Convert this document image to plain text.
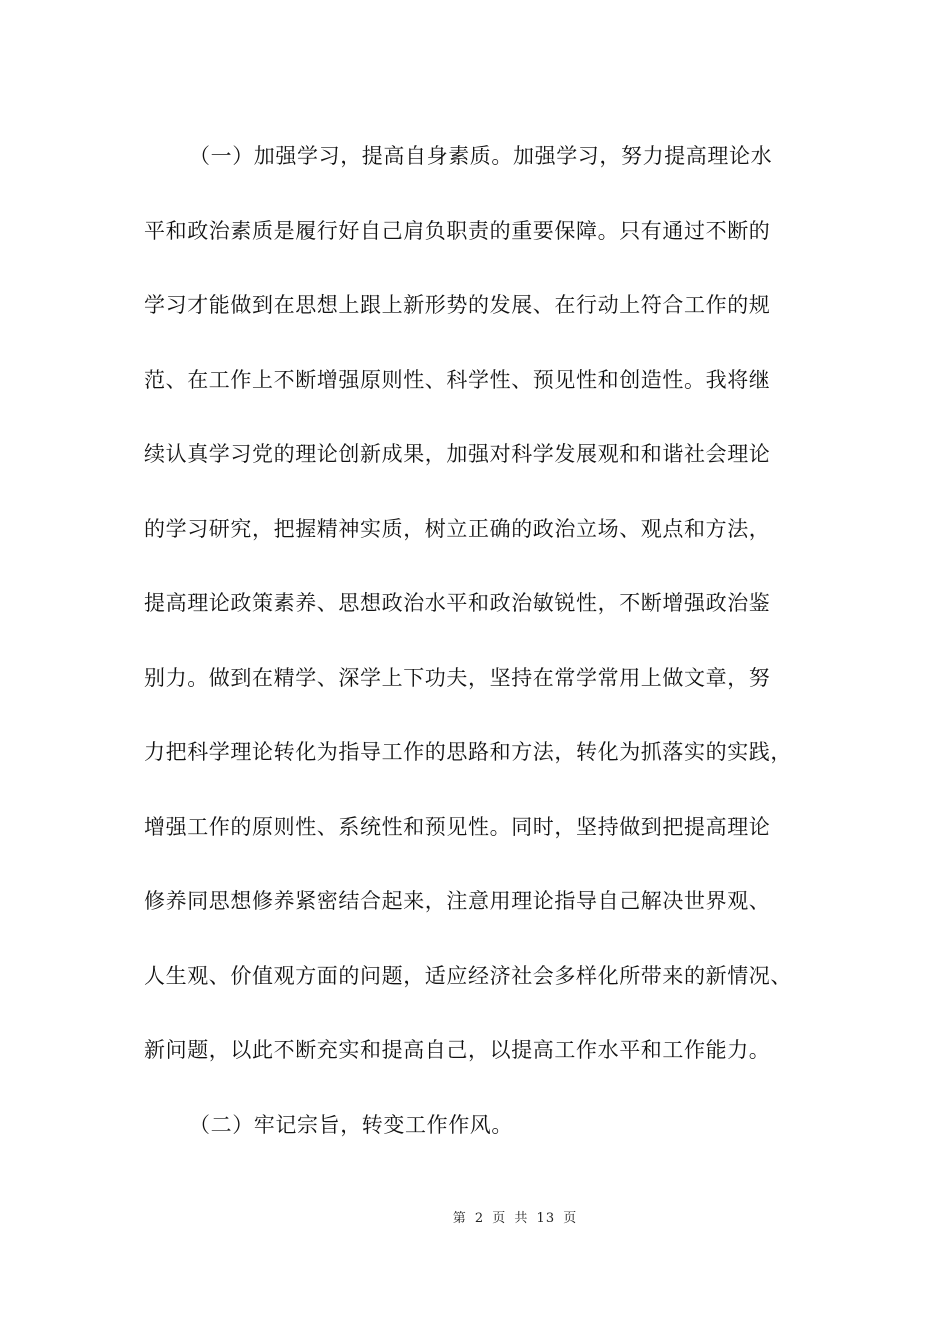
（一）加强学习，提高自身素质。加强学习，努力提高理论水
平和政治素质是履行好自己肩负职责的重要保障。只有通过不断的
学习才能做到在思想上跟上新形势的发展、在行动上符合工作的规
范、在工作上不断增强原则性、科学性、预见性和创造性。我将继
续认真学习党的理论创新成果，加强对科学发展观和和谐社会理论
的学习研究，把握精神实质，树立正确的政治立场、观点和方法，
提高理论政策素养、思想政治水平和政治敏锐性，不断增强政治鉴
别力。做到在精学、深学上下功夫，坚持在常学常用上做文章，努
力把科学理论转化为指导工作的思路和方法，转化为抓落实的实践，
增强工作的原则性、系统性和预见性。同时，坚持做到把提高理论
修养同思想修养紧密结合起来，注意用理论指导自己解决世界观、
人生观、价值观方面的问题，适应经济社会多样化所带来的新情况、
新问题，以此不断充实和提高自己，以提高工作水平和工作能力。
（二）牢记宗旨，转变工作作风。
第 2 页 共 13 页
